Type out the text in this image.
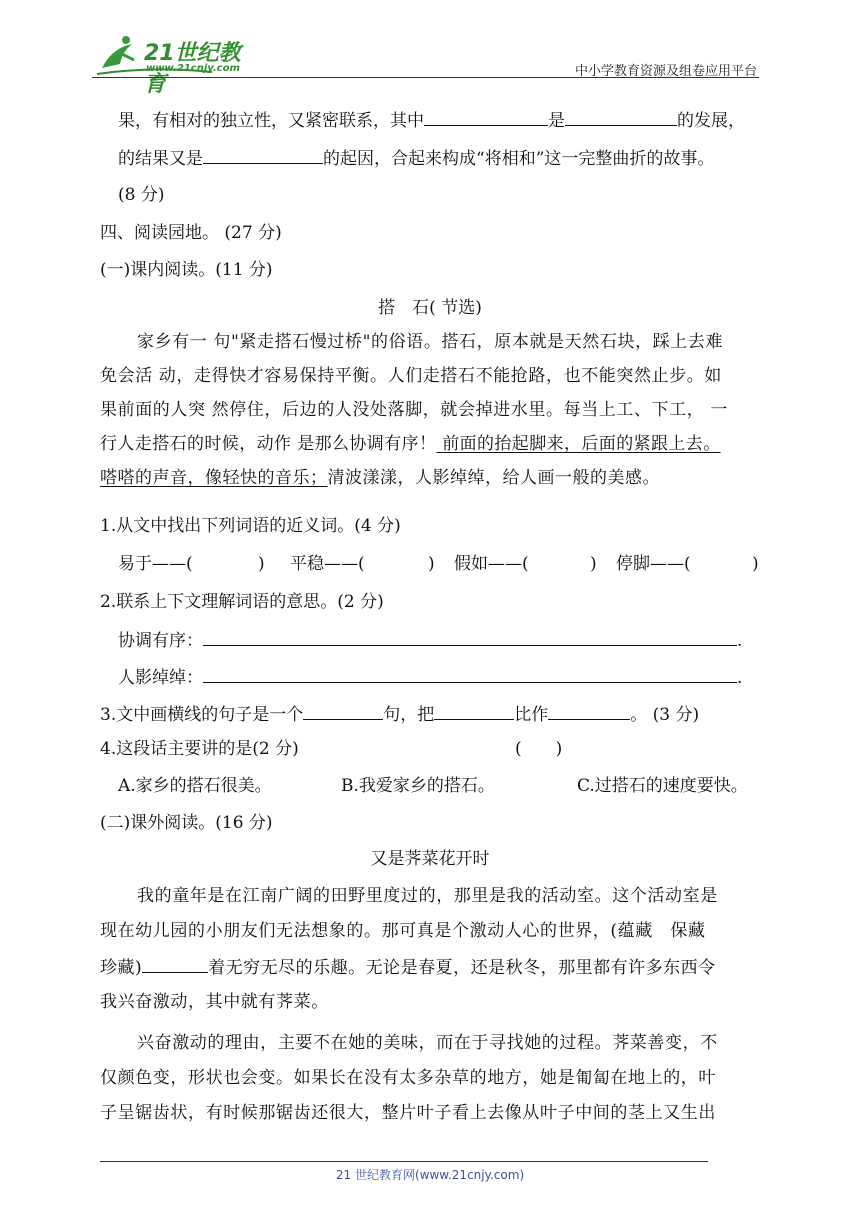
21世纪教育
www.21cnjy.com	中小学教育资源及组卷应用平台
果，有相对的独立性，又紧密联系，其中	是	的发展，
的结果又是	的起因，合起来构成“将相和”这一完整曲折的故事。
(8 分)
四、阅读园地。 (27 分)
(一)课内阅读。(11 分)
搭　石( 节选)
家乡有一 句"紧走搭石慢过桥"的俗语。搭石，原本就是天然石块，踩上去难
免会活 动，走得快才容易保持平衡。人们走搭石不能抢路，也不能突然止步。如
果前面的人突 然停住，后边的人没处落脚，就会掉进水里。每当上工、下工， 一
行人走搭石的时候，动作 是那么协调有序！ 前面的抬起脚来，后面的紧跟上去。
嗒嗒的声音，像轻快的音乐；清波漾漾，人影绰绰，给人画一般的美感。
1.从文中找出下列词语的近义词。(4 分)
易于——(	) 平稳——(	) 假如——(	) 停脚——(	)
2.联系上下文理解词语的意思。(2 分)
协调有序：	.
人影绰绰：	.
3.文中画横线的句子是一个	句，把	比作	。 (3 分)
4.这段话主要讲的是(2 分)	(　　)
A.家乡的搭石很美。	B.我爱家乡的搭石。	C.过搭石的速度要快。
(二)课外阅读。(16 分)
又是荠菜花开时
我的童年是在江南广阔的田野里度过的，那里是我的活动室。这个活动室是
现在幼儿园的小朋友们无法想象的。那可真是个激动人心的世界，(蕴藏　保藏
珍藏)	着无穷无尽的乐趣。无论是春夏，还是秋冬，那里都有许多东西令
我兴奋激动，其中就有荠菜。
兴奋激动的理由，主要不在她的美味，而在于寻找她的过程。荠菜善变，不
仅颜色变，形状也会变。如果长在没有太多杂草的地方，她是匍匐在地上的，叶
子呈锯齿状，有时候那锯齿还很大，整片叶子看上去像从叶子中间的茎上又生出
21 世纪教育网(www.21cnjy.com)
